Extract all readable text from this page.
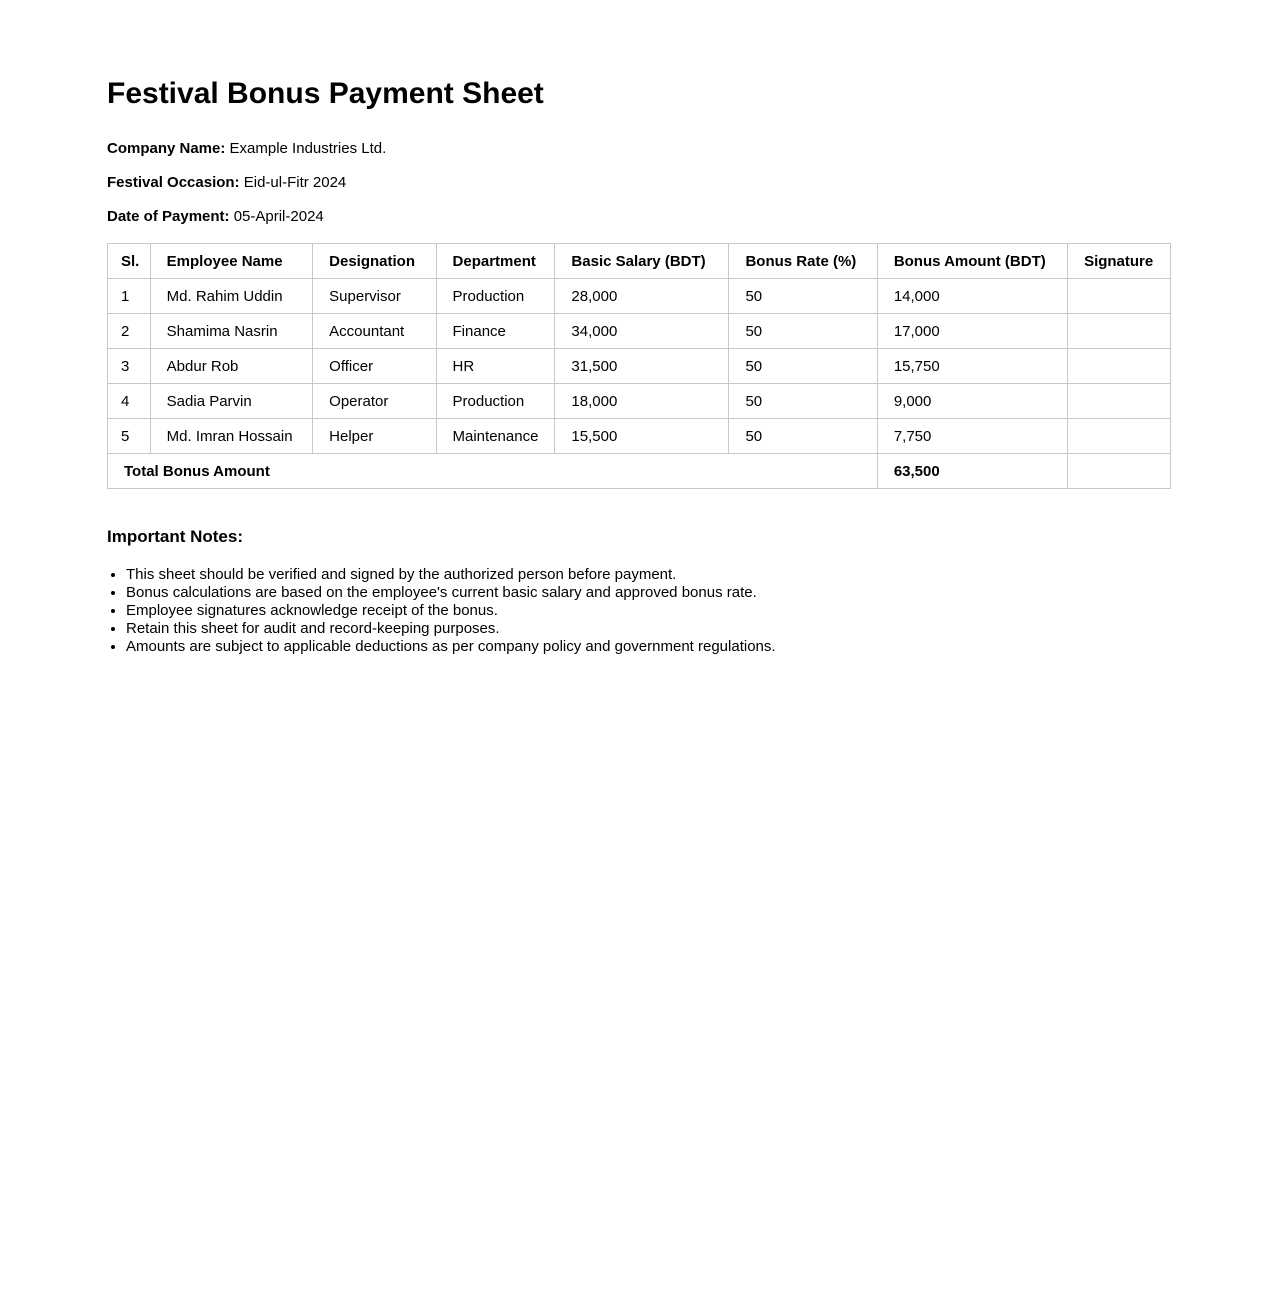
Festival Bonus Payment Sheet

Company Name: Example Industries Ltd.

Festival Occasion: Eid-ul-Fitr 2024

Date of Payment: 05-April-2024

Sl.	Employee Name	Designation	Department	Basic Salary (BDT)	Bonus Rate (%)	Bonus Amount (BDT)	Signature
1	Md. Rahim Uddin	Supervisor	Production	28,000	50	14,000	
2	Shamima Nasrin	Accountant	Finance	34,000	50	17,000	
3	Abdur Rob	Officer	HR	31,500	50	15,750	
4	Sadia Parvin	Operator	Production	18,000	50	9,000	
5	Md. Imran Hossain	Helper	Maintenance	15,500	50	7,750	
Total Bonus Amount						63,500	

Important Notes:

• This sheet should be verified and signed by the authorized person before payment.
• Bonus calculations are based on the employee's current basic salary and approved bonus rate.
• Employee signatures acknowledge receipt of the bonus.
• Retain this sheet for audit and record-keeping purposes.
• Amounts are subject to applicable deductions as per company policy and government regulations.
